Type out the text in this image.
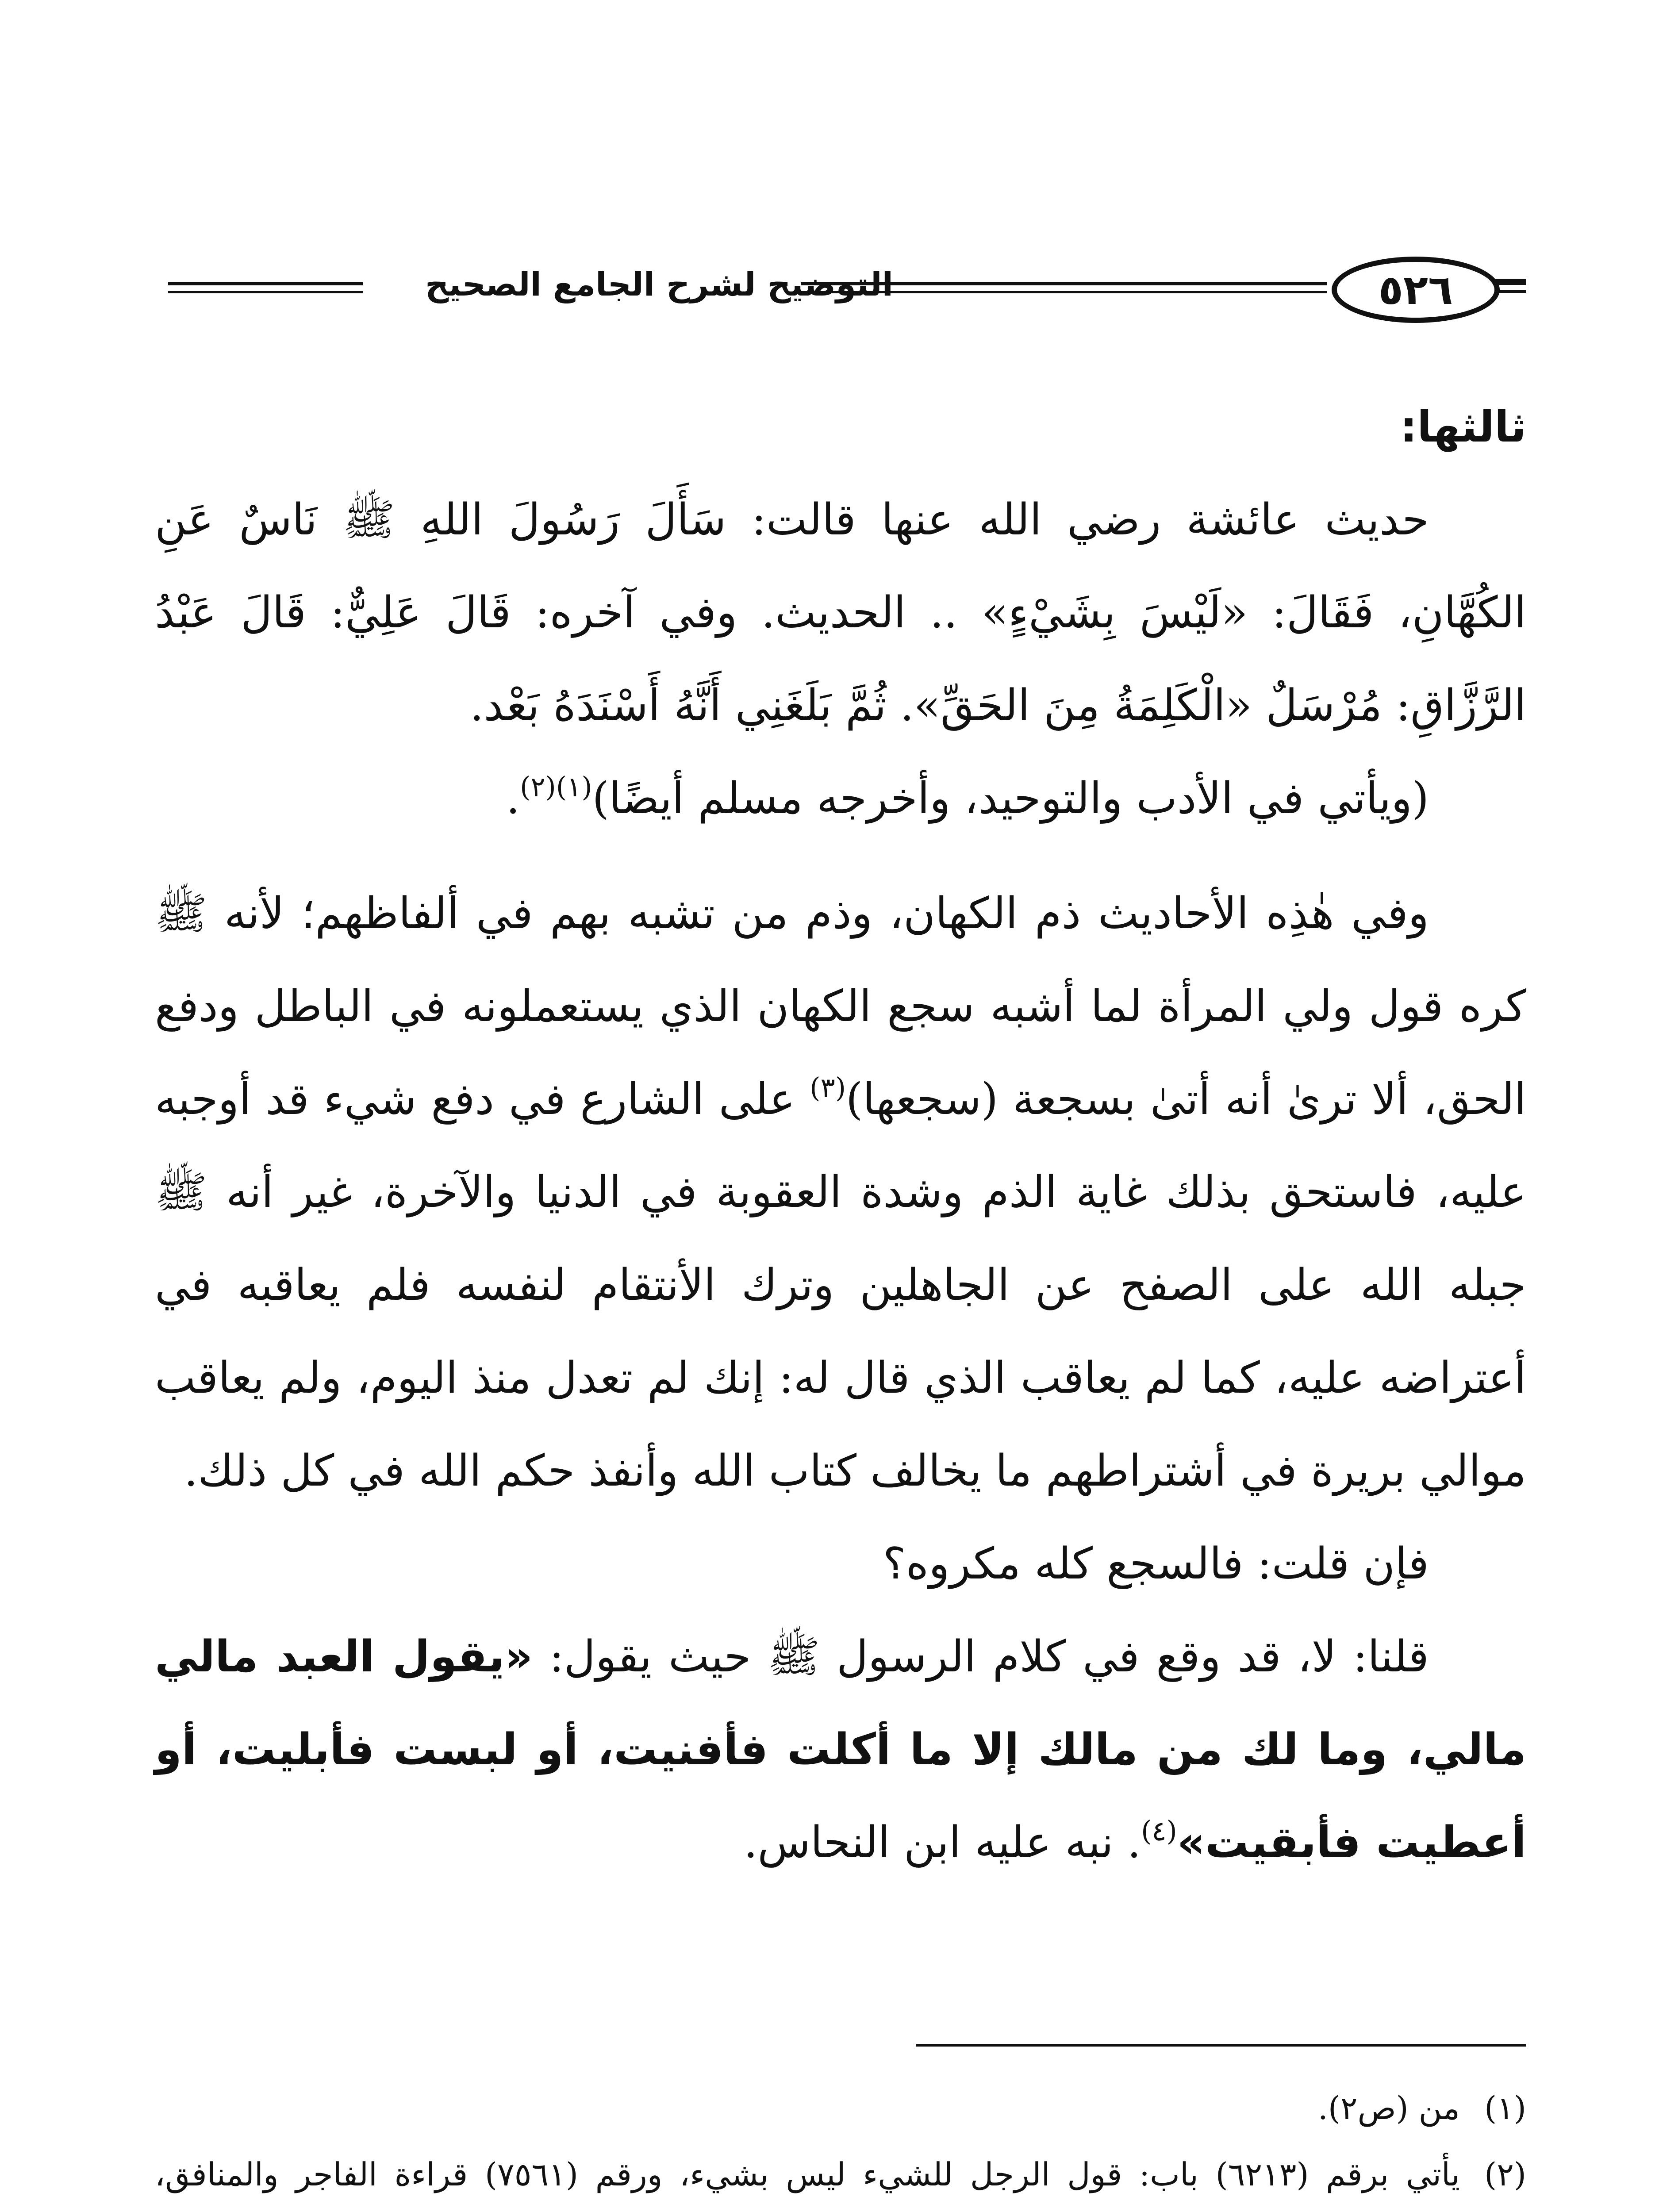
٥٢٦
التوضيح لشرح الجامع الصحيح

ثالثها:

حديث عائشة رضي الله عنها قالت: سَأَلَ رَسُولَ اللهِ ﷺ نَاسٌ عَنِ الكُهَّانِ، فَقَالَ: «لَيْسَ بِشَيْءٍ» .. الحديث. وفي آخره: قَالَ عَلِيٌّ: قَالَ عَبْدُ الرَّزَّاقِ: مُرْسَلٌ «الْكَلِمَةُ مِنَ الحَقِّ». ثُمَّ بَلَغَنِي أَنَّهُ أَسْنَدَهُ بَعْد.

(ويأتي في الأدب والتوحيد، وأخرجه مسلم أيضًا)$^{(١)(٢)}$.

وفي هٰذِه الأحاديث ذم الكهان، وذم من تشبه بهم في ألفاظهم؛ لأنه ﷺ كره قول ولي المرأة لما أشبه سجع الكهان الذي يستعملونه في الباطل ودفع الحق، ألا ترىٰ أنه أتىٰ بسجعة (سجعها)$^{(٣)}$ على الشارع في دفع شيء قد أوجبه عليه، فاستحق بذلك غاية الذم وشدة العقوبة في الدنيا والآخرة، غير أنه ﷺ جبله الله على الصفح عن الجاهلين وترك الأنتقام لنفسه فلم يعاقبه في أعتراضه عليه، كما لم يعاقب الذي قال له: إنك لم تعدل منذ اليوم، ولم يعاقب موالي بريرة في أشتراطهم ما يخالف كتاب الله وأنفذ حكم الله في كل ذلك.

فإن قلت: فالسجع كله مكروه؟

قلنا: لا، قد وقع في كلام الرسول ﷺ حيث يقول: «يقول العبد مالي مالي، وما لك من مالك إلا ما أكلت فأفنيت، أو لبست فأبليت، أو أعطيت فأبقيت»$^{(٤)}$. نبه عليه ابن النحاس.

(١)
من (ص٢).
(٢)
يأتي برقم (٦٢١٣) باب: قول الرجل للشيء ليس بشيء، ورقم (٧٥٦١) قراءة الفاجر والمنافق،
